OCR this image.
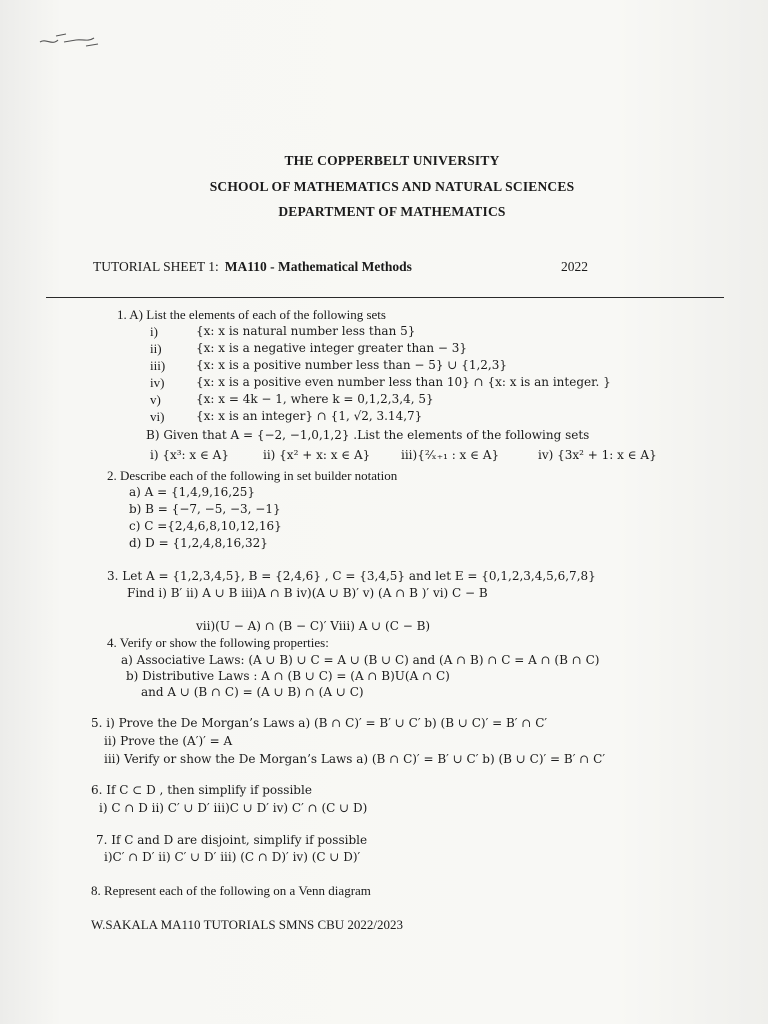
THE COPPERBELT UNIVERSITY
SCHOOL OF MATHEMATICS AND NATURAL SCIENCES
DEPARTMENT OF MATHEMATICS
TUTORIAL SHEET 1: MA110 - Mathematical Methods	2022
1. A) List the elements of each of the following sets
i)	{x: x is natural number less than 5}
ii)	{x: x is a negative integer greater than − 3}
iii)	{x: x is a positive number less than − 5} ∪ {1,2,3}
iv)	{x: x is a positive even number less than 10} ∩ {x: x is an integer. }
v)	{x: x = 4k − 1, where k = 0,1,2,3,4, 5}
vi)	{x: x is an integer} ∩ {1, √2, 3.14,7}
B) Given that A = {−2, −1,0,1,2} .List the elements of the following sets
i) {x³: x ∈ A}	ii) {x² + x: x ∈ A}	iii){²⁄ₓ₊₁ : x ∈ A}	iv) {3x² + 1: x ∈ A}
2. Describe each of the following in set builder notation
a) A = {1,4,9,16,25}
b) B = {−7, −5, −3, −1}
c) C ={2,4,6,8,10,12,16}
d) D = {1,2,4,8,16,32}
3. Let A = {1,2,3,4,5}, B = {2,4,6} , C = {3,4,5} and let E = {0,1,2,3,4,5,6,7,8}
Find i) B′ ii) A ∪ B iii)A ∩ B iv)(A ∪ B)′ v) (A ∩ B )′ vi) C − B
vii)(U − A) ∩ (B − C)′ Viii) A ∪ (C − B)
4. Verify or show the following properties:
a) Associative Laws: (A ∪ B) ∪ C = A ∪ (B ∪ C) and (A ∩ B) ∩ C = A ∩ (B ∩ C)
b) Distributive Laws : A ∩ (B ∪ C) = (A ∩ B)U(A ∩ C)
and A ∪ (B ∩ C) = (A ∪ B) ∩ (A ∪ C)
5. i) Prove the De Morgan’s Laws a) (B ∩ C)′ = B′ ∪ C′ b) (B ∪ C)′ = B′ ∩ C′
ii) Prove the (A′)′ = A
iii) Verify or show the De Morgan’s Laws a) (B ∩ C)′ = B′ ∪ C′ b) (B ∪ C)′ = B′ ∩ C′
6. If C ⊂ D , then simplify if possible
i) C ∩ D ii) C′ ∪ D′ iii)C ∪ D′ iv) C′ ∩ (C ∪ D)
7. If C and D are disjoint, simplify if possible
i)C′ ∩ D′ ii) C′ ∪ D′ iii) (C ∩ D)′ iv) (C ∪ D)′
8. Represent each of the following on a Venn diagram
W.SAKALA MA110 TUTORIALS SMNS CBU 2022/2023
